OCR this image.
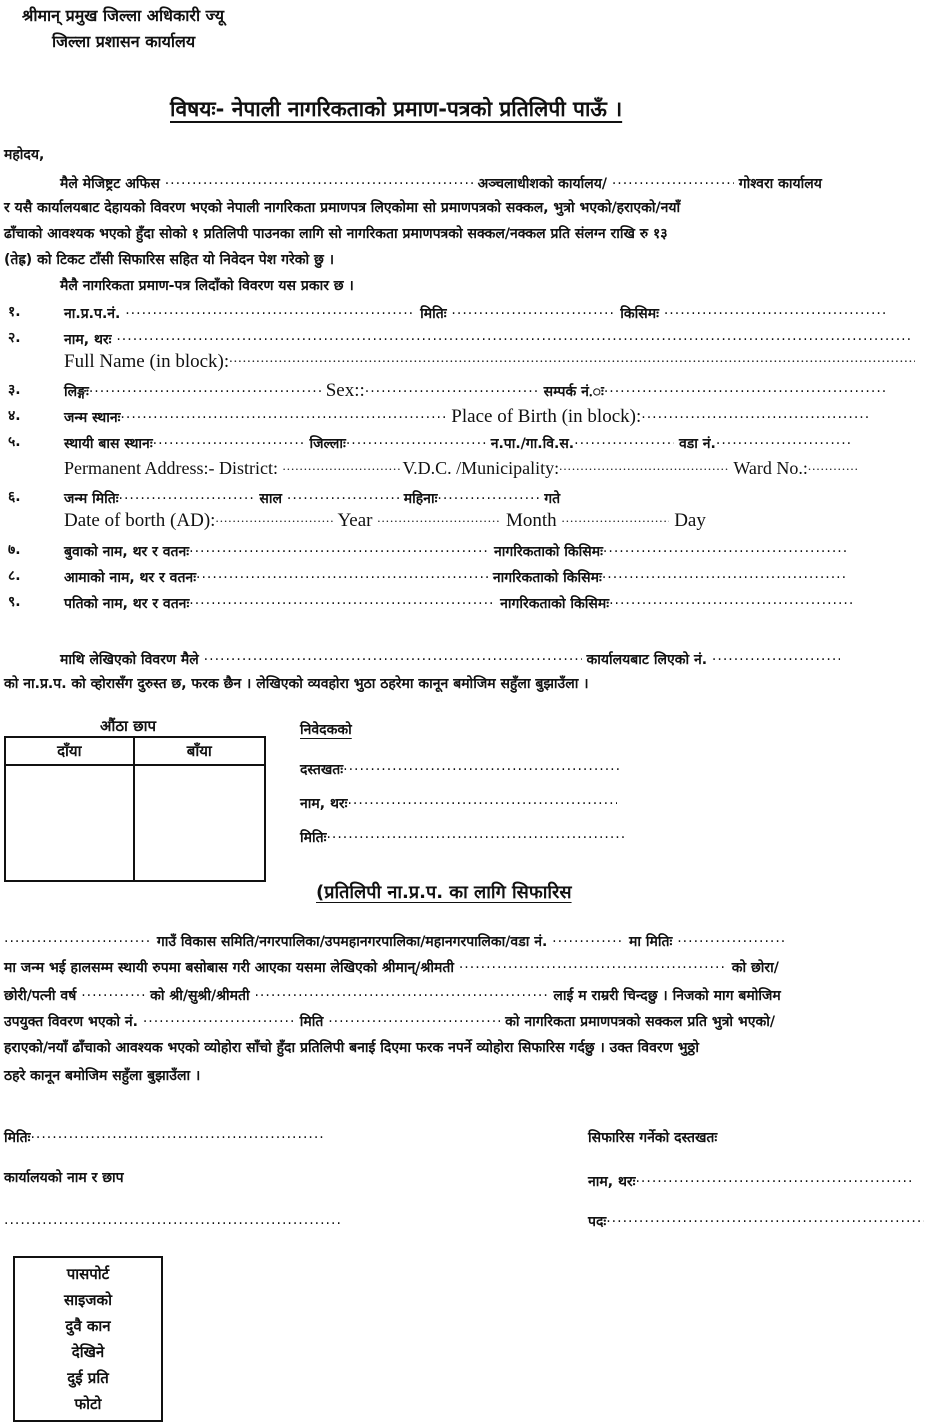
श्रीमान् प्रमुख जिल्ला अधिकारी ज्यू
जिल्ला प्रशासन कार्यालय
विषयः- नेपाली नागरिकताको प्रमाण-पत्रको प्रतिलिपी पाऊँ ।
महोदय,
मैले मेजिष्ट्रट अफिस .....	अञ्चलाधीशको कार्यालय/ .....	गोश्वरा कार्यालय
र यसै कार्यालयबाट देहायको विवरण भएको नेपाली नागरिकता प्रमाणपत्र लिएकोमा सो प्रमाणपत्रको सक्कल, भुत्रो भएको/हराएको/नयाँ
ढाँचाको आवश्यक भएको हुँदा सोको १ प्रतिलिपी पाउनका लागि सो नागरिकता प्रमाणपत्रको सक्कल/नक्कल प्रति संलग्न राखि रु १३
(तेह्र) को टिकट टाँसी सिफारिस सहित यो निवेदन पेश गरेको छु ।
मैलै नागरिकता प्रमाण-पत्र लिदाँको विवरण यस प्रकार छ ।
१.	ना.प्र.प.नं. .....	मितिः .....	किसिमः .....
२.	नाम, थरः .....
Full Name (in block):.....
३.	लिङ्गः .....	Sex:: .....	सम्पर्क नं.ः.....
४.	जन्म स्थानः .....	Place of Birth (in block):.....
५.	स्थायी बास स्थानः .....	जिल्लाः .....	न.पा./गा.वि.स. .....	वडा नं......
Permanent Address:- District: .....	V.D.C. /Municipality: .....	Ward No.:.....
६.	जन्म मितिः .....	साल .....	महिनाः .....	गते
Date of borth (AD): .....	Year .....	Month .....	Day
७.	बुवाको नाम, थर र वतनः .....	नागरिकताको किसिमः.....
८.	आमाको नाम, थर र वतनः .....	नागरिकताको किसिमः.....
९.	पतिको नाम, थर र वतनः .....	नागरिकताको किसिमः.....
माथि लेखिएको विवरण मैले .....	कार्यालयबाट लिएको नं. .....
को ना.प्र.प. को व्होरासँग दुरुस्त छ, फरक छैन । लेखिएको व्यवहोरा भुठा ठहरेमा कानून बमोजिम सहुँला बुझाउँला ।
औंठा छाप
दाँया	बाँया

निवेदकको
दस्तखतः.....
नाम, थरः.....
मितिः.....
(प्रतिलिपी ना.प्र.प. का लागि सिफारिस
..... गाउँ विकास समिति/नगरपालिका/उपमहानगरपालिका/महानगरपालिका/वडा नं. .....	मा मितिः .....
मा जन्म भई हालसम्म स्थायी रुपमा बसोबास गरी आएका यसमा लेखिएको श्रीमान्/श्रीमती .....	को छोरा/
छोरी/पत्नी वर्ष .....	को श्री/सुश्री/श्रीमती .....	लाई म राम्ररी चिन्दछु । निजको माग बमोजिम
उपयुक्त विवरण भएको नं. .....	मिति .....	को नागरिकता प्रमाणपत्रको सक्कल प्रति भुत्रो भएको/
हराएको/नयाँ ढाँचाको आवश्यक भएको व्योहोरा साँचो हुँदा प्रतिलिपी बनाई दिएमा फरक नपर्ने व्योहोरा सिफारिस गर्दछु । उक्त विवरण भुठ्ठो
ठहरे कानून बमोजिम सहुँला बुझाउँला ।
मितिः .....	सिफारिस गर्नेको दस्तखतः
कार्यालयको नाम र छाप	नाम, थरः.....
.....
पदः.....
पासपोर्ट
साइजको
दुवै कान
देखिने
दुई प्रति
फोटो
